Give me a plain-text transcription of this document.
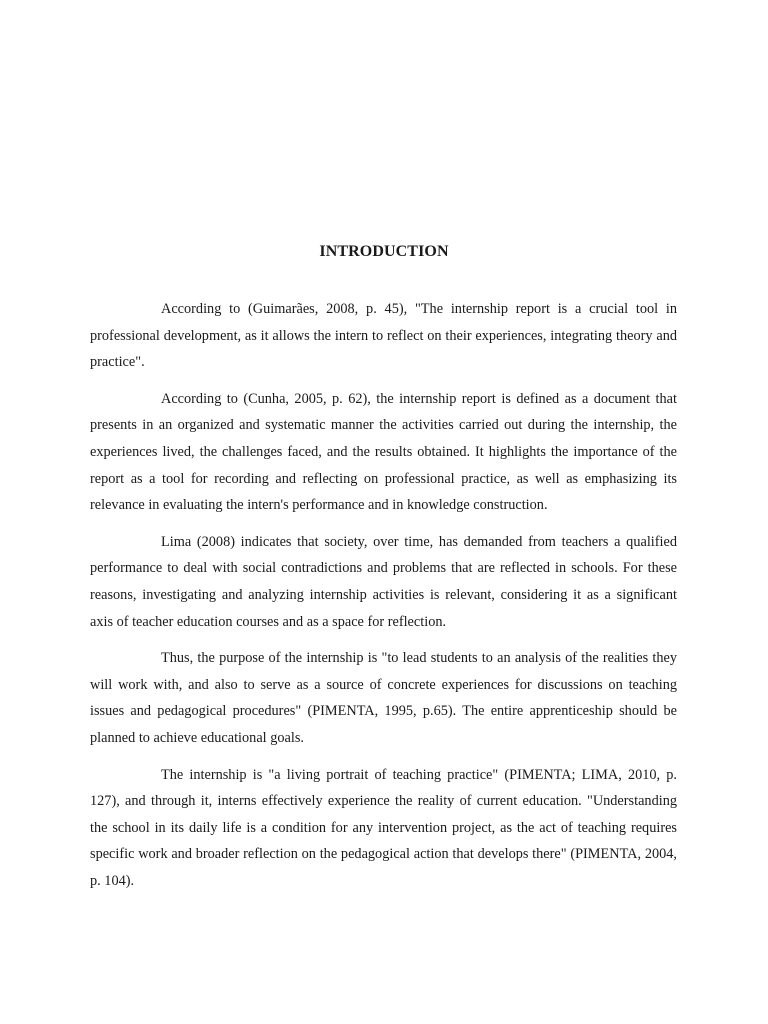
INTRODUCTION

According to (Guimarães, 2008, p. 45), "The internship report is a crucial tool in professional development, as it allows the intern to reflect on their experiences, integrating theory and practice".

According to (Cunha, 2005, p. 62), the internship report is defined as a document that presents in an organized and systematic manner the activities carried out during the internship, the experiences lived, the challenges faced, and the results obtained. It highlights the importance of the report as a tool for recording and reflecting on professional practice, as well as emphasizing its relevance in evaluating the intern's performance and in knowledge construction.

Lima (2008) indicates that society, over time, has demanded from teachers a qualified performance to deal with social contradictions and problems that are reflected in schools. For these reasons, investigating and analyzing internship activities is relevant, considering it as a significant axis of teacher education courses and as a space for reflection.

Thus, the purpose of the internship is "to lead students to an analysis of the realities they will work with, and also to serve as a source of concrete experiences for discussions on teaching issues and pedagogical procedures" (PIMENTA, 1995, p.65). The entire apprenticeship should be planned to achieve educational goals.

The internship is "a living portrait of teaching practice" (PIMENTA; LIMA, 2010, p. 127), and through it, interns effectively experience the reality of current education. "Understanding the school in its daily life is a condition for any intervention project, as the act of teaching requires specific work and broader reflection on the pedagogical action that develops there" (PIMENTA, 2004, p. 104).
